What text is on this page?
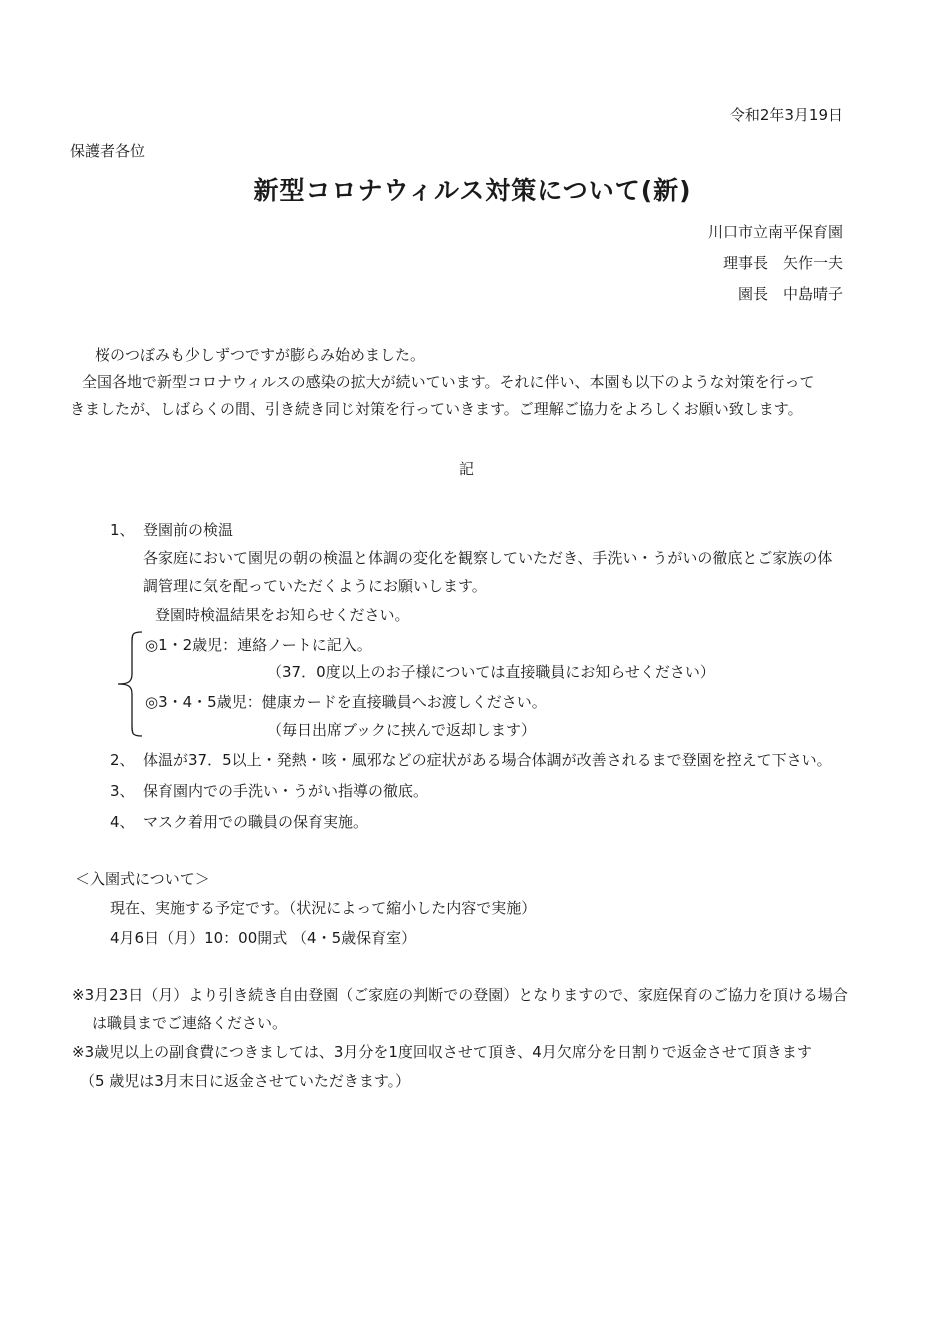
令和2年3月19日
保護者各位
新型コロナウィルス対策について(新)
川口市立南平保育園
理事長　矢作一夫
園長　中島晴子
桜のつぼみも少しずつですが膨らみ始めました。
全国各地で新型コロナウィルスの感染の拡大が続いています。それに伴い、本園も以下のような対策を行って
きましたが、しばらくの間、引き続き同じ対策を行っていきます。ご理解ご協力をよろしくお願い致します。
記
1、 登園前の検温
各家庭において園児の朝の検温と体調の変化を観察していただき、手洗い・うがいの徹底とご家族の体
調管理に気を配っていただくようにお願いします。
登園時検温結果をお知らせください。
◎1・2歳児：連絡ノートに記入。
（37．0度以上のお子様については直接職員にお知らせください）
◎3・4・5歳児：健康カードを直接職員へお渡しください。
（毎日出席ブックに挟んで返却します）
2、 体温が37．5以上・発熱・咳・風邪などの症状がある場合体調が改善されるまで登園を控えて下さい。
3、 保育園内での手洗い・うがい指導の徹底。
4、 マスク着用での職員の保育実施。
＜入園式について＞
現在、実施する予定です。（状況によって縮小した内容で実施）
4月6日（月）10：00開式 （4・5歳保育室）
※3月23日（月）より引き続き自由登園（ご家庭の判断での登園）となりますので、家庭保育のご協力を頂ける場合
は職員までご連絡ください。
※3歳児以上の副食費につきましては、3月分を1度回収させて頂き、4月欠席分を日割りで返金させて頂きます
（5 歳児は3月末日に返金させていただきます。）
